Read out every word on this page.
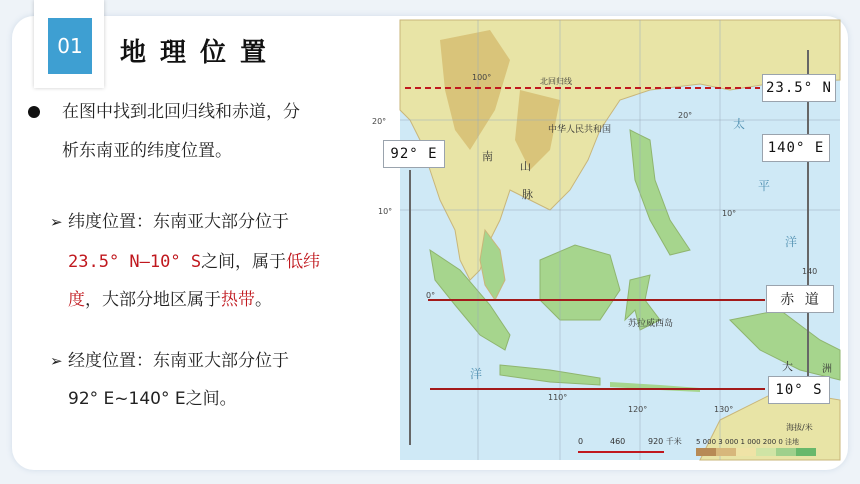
01	地理位置
在图中找到北回归线和赤道，分
析东南亚的纬度位置。
➢ 纬度位置：东南亚大部分位于
23.5° N—10° S之间，属于低纬
度，大部分地区属于热带。
➢ 经度位置：东南亚大部分位于
92° E~140° E之间。
中华人民共和国
北回归线
南
山
脉
太
平
洋
苏拉威西岛
洋	洲
大
100°
110°
120°	130°
20°
20°
10°	10°
0°
140
0	460	920 千米
海拔/米
5 000 3 000 1 000 200 0 洼地
23.5° N
140° E
92° E
赤 道
10° S
